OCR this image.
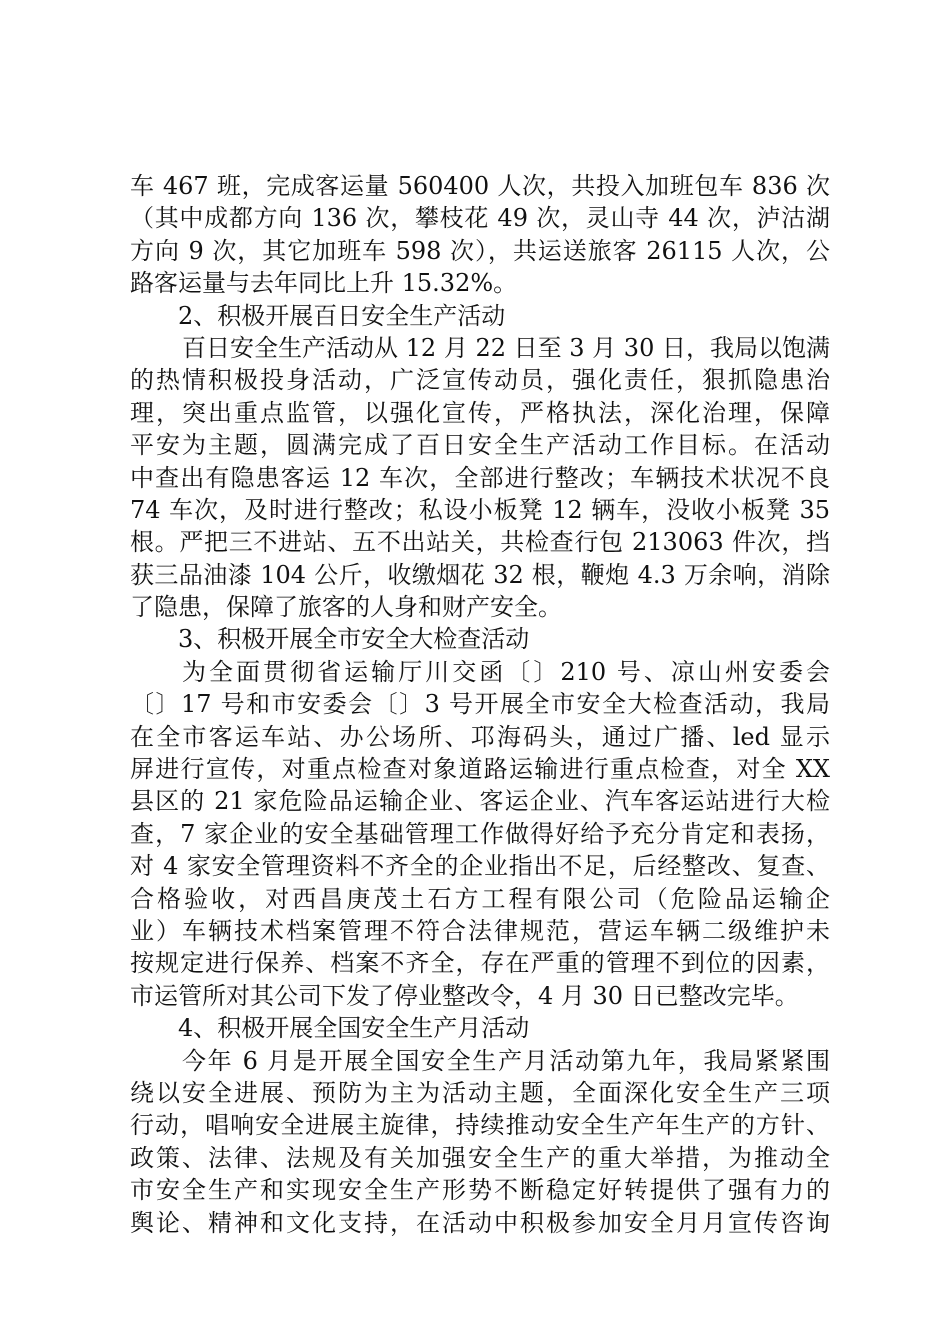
车 467 班，完成客运量 560400 人次，共投入加班包车 836 次
（其中成都方向 136 次，攀枝花 49 次，灵山寺 44 次，泸沽湖
方向 9 次，其它加班车 598 次），共运送旅客 26115 人次，公
路客运量与去年同比上升 15.32%。
2、积极开展百日安全生产活动
百日安全生产活动从 12 月 22 日至 3 月 30 日，我局以饱满
的热情积极投身活动，广泛宣传动员，强化责任，狠抓隐患治
理，突出重点监管，以强化宣传，严格执法，深化治理，保障
平安为主题，圆满完成了百日安全生产活动工作目标。在活动
中查出有隐患客运 12 车次，全部进行整改；车辆技术状况不良
74 车次，及时进行整改；私设小板凳 12 辆车，没收小板凳 35
根。严把三不进站、五不出站关，共检查行包 213063 件次，挡
获三品油漆 104 公斤，收缴烟花 32 根，鞭炮 4.3 万余响，消除
了隐患，保障了旅客的人身和财产安全。
3、积极开展全市安全大检查活动
为全面贯彻省运输厅川交函〔〕210 号、凉山州安委会
〔〕17 号和市安委会〔〕3 号开展全市安全大检查活动，我局
在全市客运车站、办公场所、邛海码头，通过广播、led 显示
屏进行宣传，对重点检查对象道路运输进行重点检查，对全 XX
县区的 21 家危险品运输企业、客运企业、汽车客运站进行大检
查，7 家企业的安全基础管理工作做得好给予充分肯定和表扬，
对 4 家安全管理资料不齐全的企业指出不足，后经整改、复查、
合格验收，对西昌庚茂土石方工程有限公司（危险品运输企
业）车辆技术档案管理不符合法律规范，营运车辆二级维护未
按规定进行保养、档案不齐全，存在严重的管理不到位的因素，
市运管所对其公司下发了停业整改令，4 月 30 日已整改完毕。
4、积极开展全国安全生产月活动
今年 6 月是开展全国安全生产月活动第九年，我局紧紧围
绕以安全进展、预防为主为活动主题，全面深化安全生产三项
行动，唱响安全进展主旋律，持续推动安全生产年生产的方针、
政策、法律、法规及有关加强安全生产的重大举措，为推动全
市安全生产和实现安全生产形势不断稳定好转提供了强有力的
舆论、精神和文化支持，在活动中积极参加安全月月宣传咨询
